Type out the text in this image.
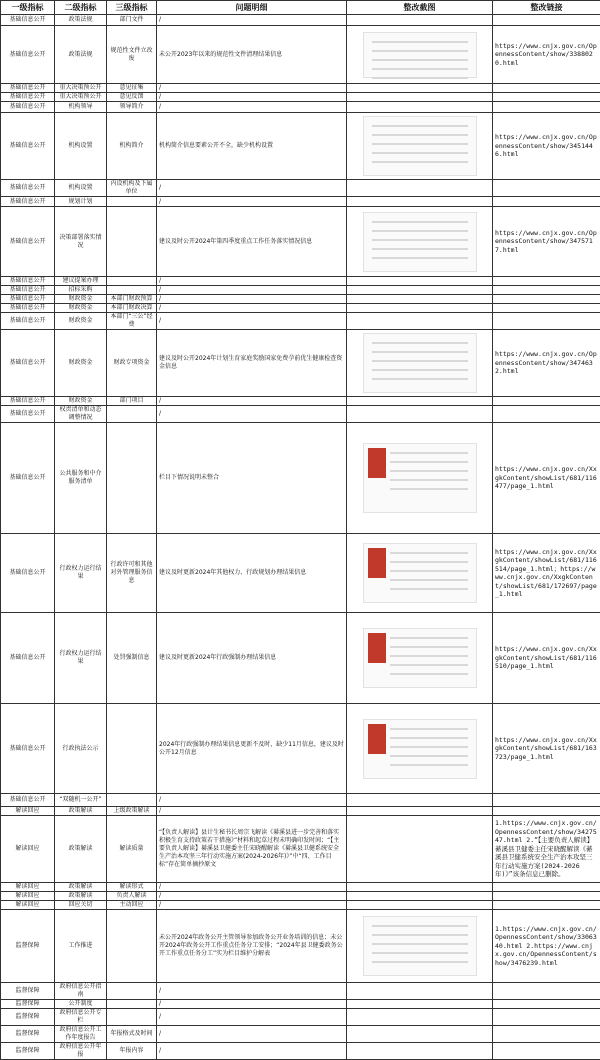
一级指标	二级指标	三级指标	问题明细	整改截图	整改链接
基础信息公开	政策法规	部门文件	/		
基础信息公开	政策法规	规范性文件立改废	未公开2023年以来的规范性文件清理结果信息		https://www.cnjx.gov.cn/OpennessContent/show/3388020.html
基础信息公开	重大决策预公开	意见征集	/		
基础信息公开	重大决策预公开	意见反馈	/		
基础信息公开	机构领导	领导简介	/		
基础信息公开	机构设置	机构简介	机构简介信息要素公开不全，缺少机构设置		https://www.cnjx.gov.cn/OpennessContent/show/3451446.html
基础信息公开	机构设置	内设机构及下属单位	/		
基础信息公开	规划计划		/		
基础信息公开	决策部署落实情况		建议及时公开2024年第四季度重点工作任务落实情况信息		https://www.cnjx.gov.cn/OpennessContent/show/3475717.html
基础信息公开	建议提案办理		/		
基础信息公开	招标采购		/		
基础信息公开	财政资金	本部门财政预算	/		
基础信息公开	财政资金	本部门财政决算	/		
基础信息公开	财政资金	本部门“三公”经费	/		
基础信息公开	财政资金	财政专项资金	建议及时公开2024年计划生育家庭奖励国家免费孕前优生健康检查资金信息		https://www.cnjx.gov.cn/OpennessContent/show/3474632.html
基础信息公开	财政资金	部门项目	/		
基础信息公开	权责清单和动态调整情况		/		
基础信息公开	公共服务和中介服务清单		栏目下情况说明未整合		https://www.cnjx.gov.cn/XxgkContent/showList/681/116477/page_1.html
基础信息公开	行政权力运行结果	行政许可和其他对外管理服务信息	建议及时更新2024年其他权力、行政规划办理结果信息		https://www.cnjx.gov.cn/XxgkContent/showList/681/116514/page_1.html；https://www.cnjx.gov.cn/XxgkContent/showList/681/172697/page_1.html
基础信息公开	行政权力运行结果	处罚强制信息	建议及时更新2024年行政强制办理结果信息		https://www.cnjx.gov.cn/XxgkContent/showList/681/116510/page_1.html
基础信息公开	行政执法公示		2024年行政强制办理结果信息更新不及时，缺少11月信息，建议及时公开12月信息		https://www.cnjx.gov.cn/XxgkContent/showList/681/163723/page_1.html
基础信息公开	“双随机一公开”		/		
解读回应	政策解读	上级政策解读	/		
解读回应	政策解读	解读质量	“【负责人解读】县计生秘书长周宗飞解读《綦溪县进一步完善和落实积极生育支持政策若干措施》”材料和起草过程未明确印发时间；“【主要负责人解读】綦溪县卫健委主任宋晓醒解读《綦溪县卫健系统安全生产治本攻坚三年行动实施方案(2024-2026年)》”中“四、工作目标”存在简单摘抄原文		1.https://www.cnjx.gov.cn/OpennessContent/show/3427547.html 2.“【主要负责人解读】綦溪县卫健委主任宋晓醒解读《綦溪县卫健系统安全生产治本攻坚三年行动实施方案(2024-2026年)》”该条信息已删除。
解读回应	政策解读	解读形式	/		
解读回应	政策解读	负责人解读	/		
解读回应	回应关切	主动回应	/		
监督保障	工作推进		未公开2024年政务公开主管领导参加政务公开业务培训的信息；未公开2024年政务公开工作重点任务分工安排；“2024年县卫健委政务公开工作重点任务分工”实为栏目维护分解表		1.https://www.cnjx.gov.cn/OpennessContent/show/3306340.html 2.https://www.cnjx.gov.cn/OpennessContent/show/3476239.html
监督保障	政府信息公开指南		/		
监督保障	公开制度		/		
监督保障	政府信息公开专栏		/		
监督保障	政府信息公开工作年度报告	年报格式及时间	/		
监督保障	政府信息公开年报	年报内容	/		
